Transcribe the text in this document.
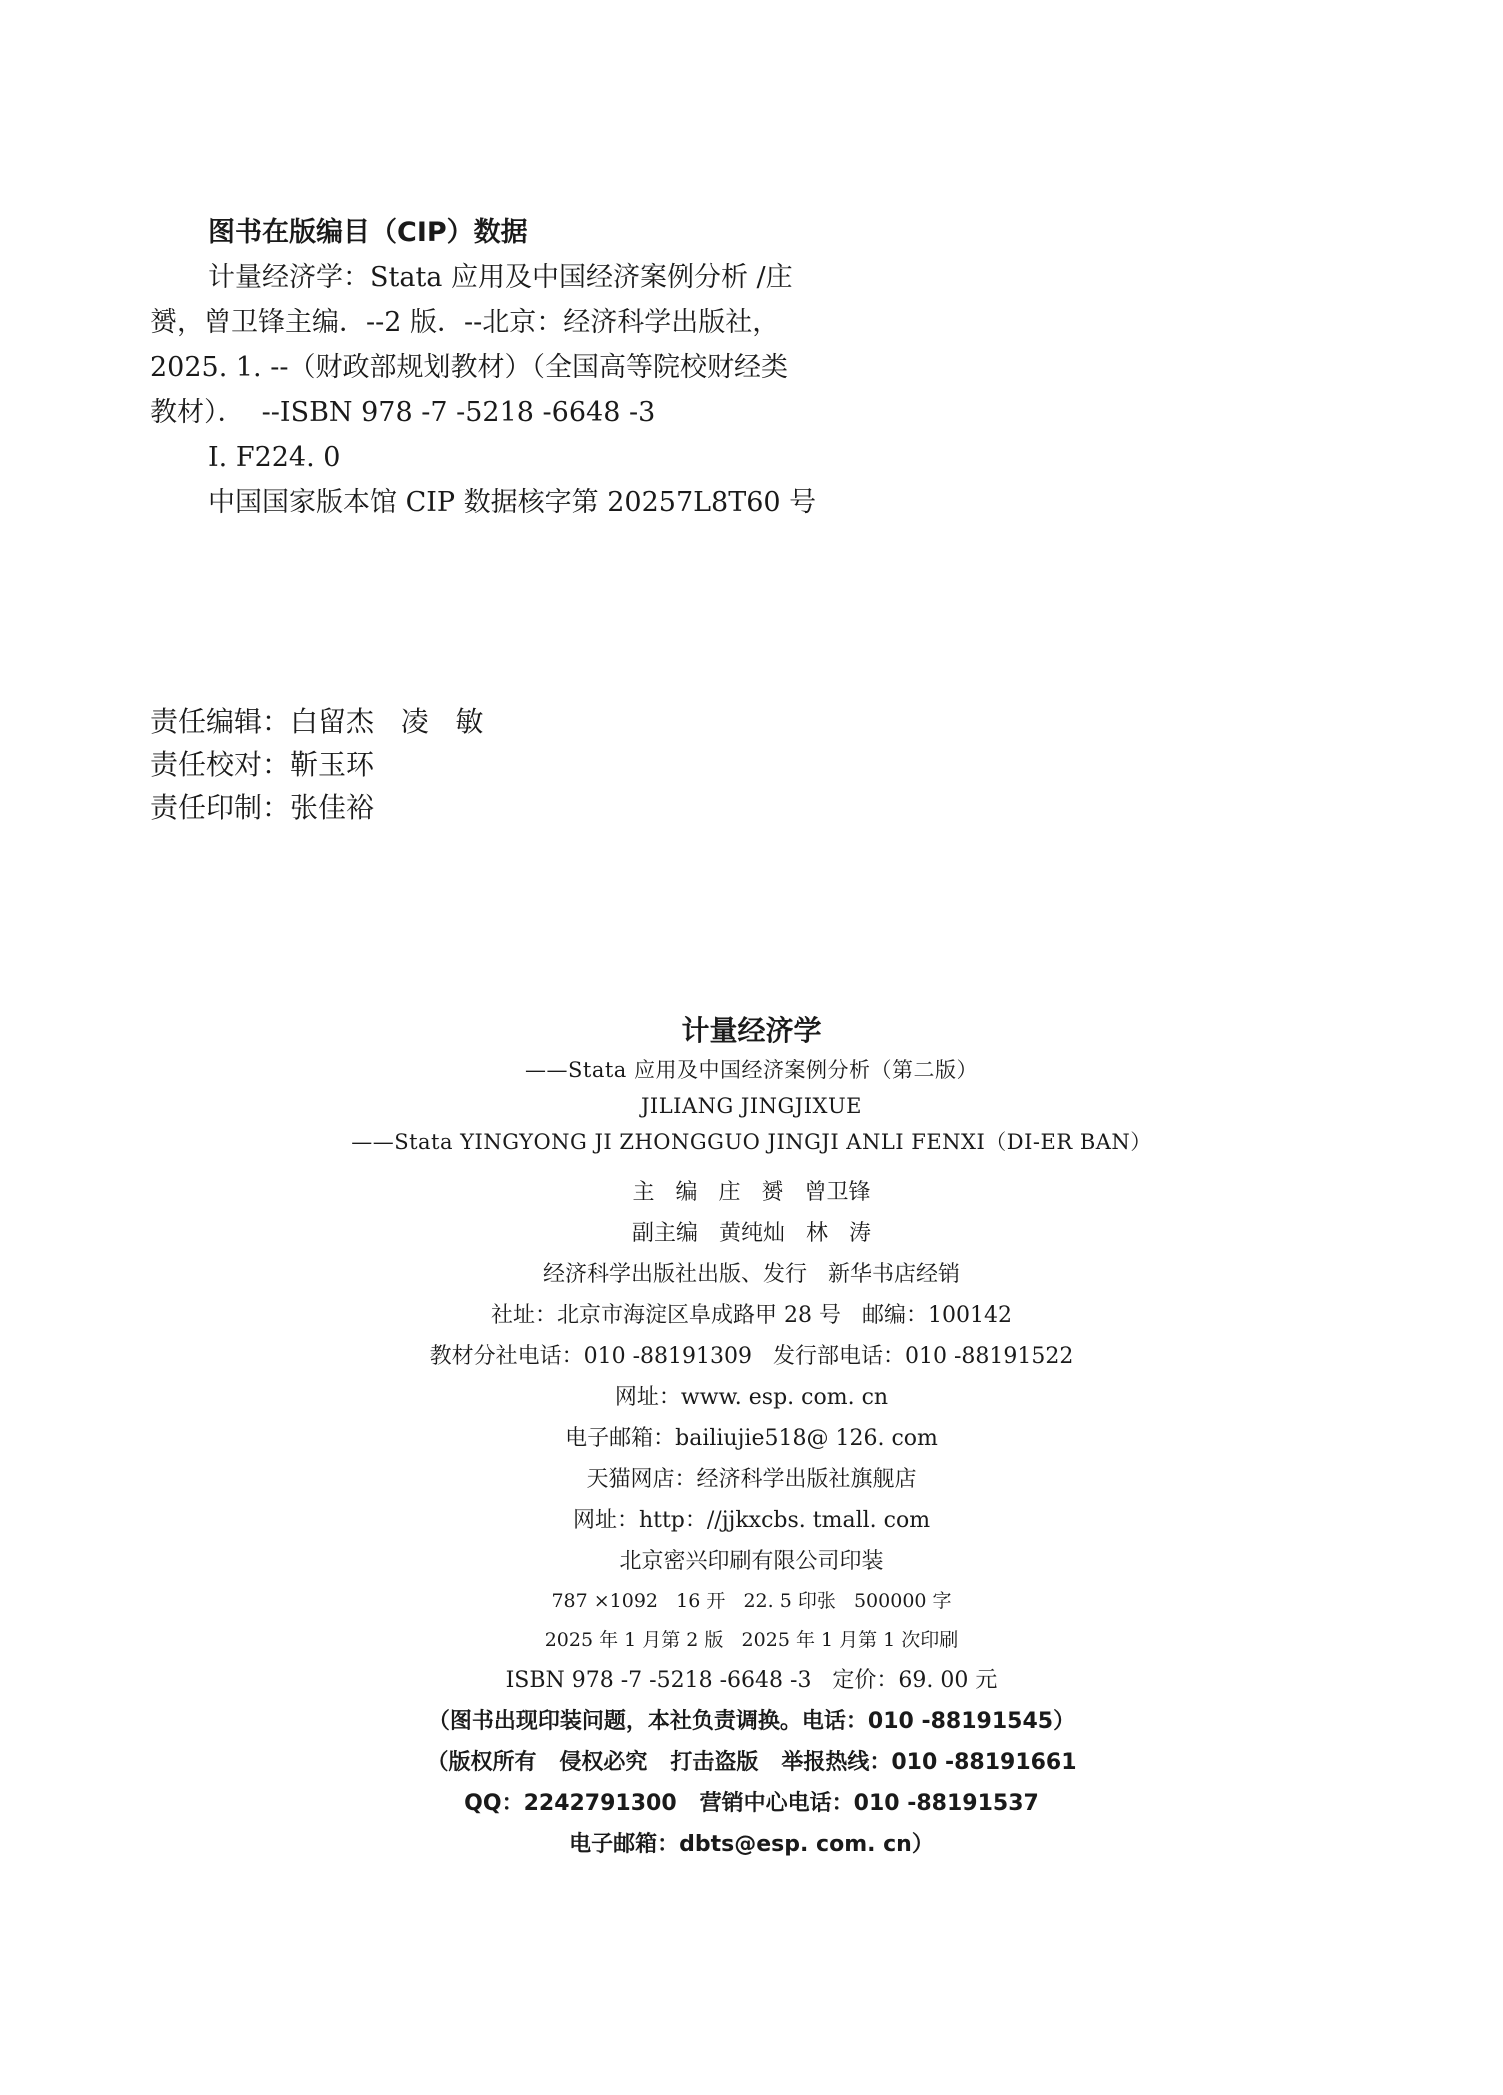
图书在版编目（CIP）数据
计量经济学：Stata 应用及中国经济案例分析 /庄
赟，曾卫锋主编．--2 版．--北京：经济科学出版社，
2025. 1. --（财政部规划教材）（全国高等院校财经类
教材）．  --ISBN 978 -7 -5218 -6648 -3
Ⅰ. F224. 0
中国国家版本馆 CIP 数据核字第 20257L8T60 号
责任编辑：白留杰   凌   敏
责任校对：靳玉环
责任印制：张佳裕
计量经济学
——Stata 应用及中国经济案例分析（第二版）
JILIANG JINGJIXUE
——Stata YINGYONG JI ZHONGGUO JINGJI ANLI FENXI（DI-ER BAN）
主   编   庄   赟   曾卫锋
副主编   黄纯灿   林   涛
经济科学出版社出版、发行   新华书店经销
社址：北京市海淀区阜成路甲 28 号   邮编：100142
教材分社电话：010 -88191309   发行部电话：010 -88191522
网址：www. esp. com. cn
电子邮箱：bailiujie518@ 126. com
天猫网店：经济科学出版社旗舰店
网址：http：//jjkxcbs. tmall. com
北京密兴印刷有限公司印装
787 ×1092   16 开   22. 5 印张   500000 字
2025 年 1 月第 2 版   2025 年 1 月第 1 次印刷
ISBN 978 -7 -5218 -6648 -3   定价：69. 00 元
（图书出现印装问题，本社负责调换。电话：010 -88191545）
（版权所有   侵权必究   打击盗版   举报热线：010 -88191661
QQ：2242791300   营销中心电话：010 -88191537
电子邮箱：dbts@esp. com. cn）
